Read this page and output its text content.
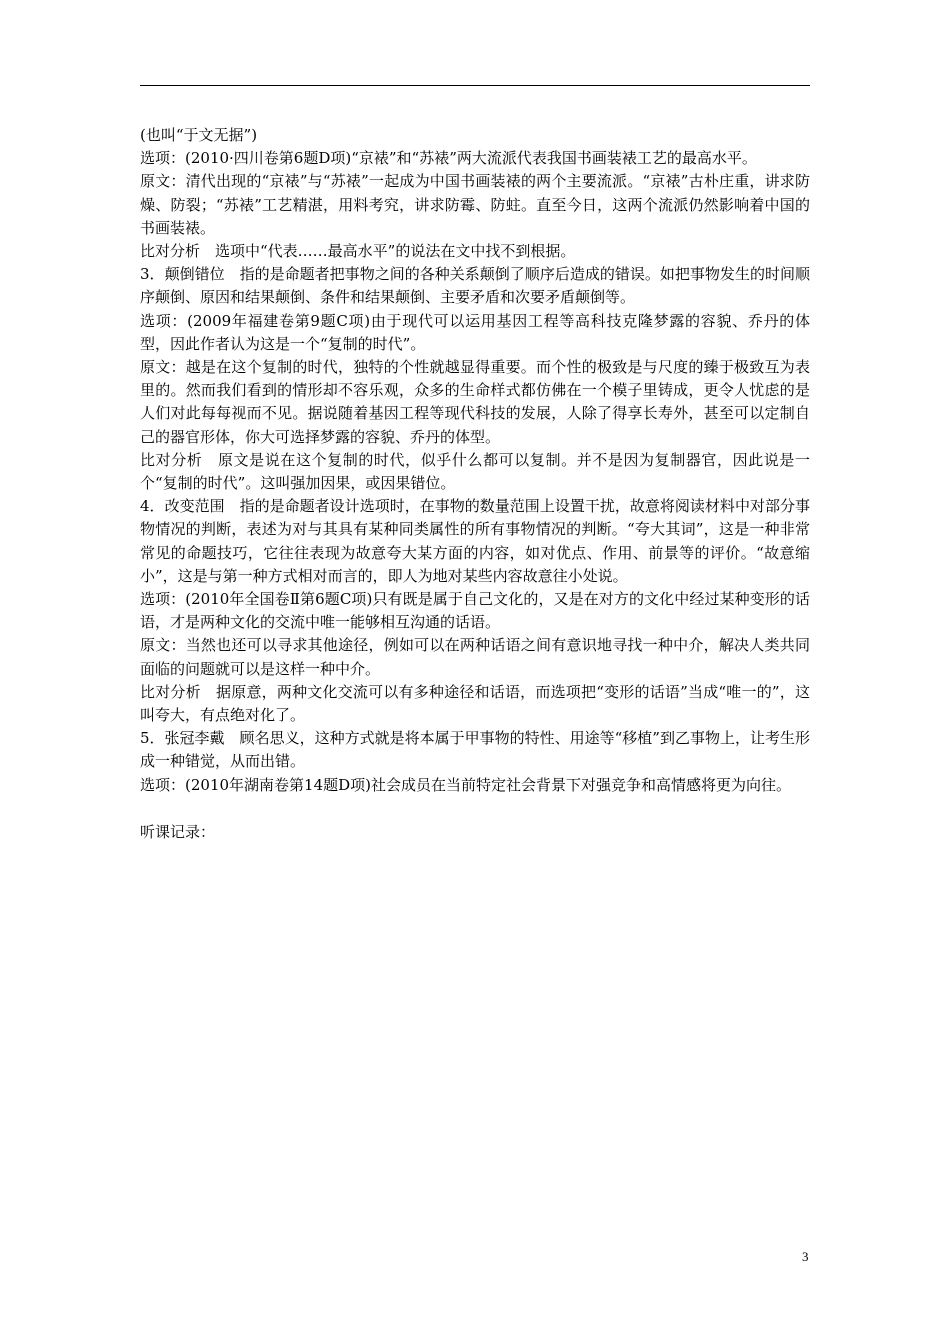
(也叫“于文无据”)

选项：(2010·四川卷第6题D项)“京裱”和“苏裱”两大流派代表我国书画装裱工艺的最高水平。

原文：清代出现的“京裱”与“苏裱”一起成为中国书画装裱的两个主要流派。“京裱”古朴庄重，讲求防燥、防裂；“苏裱”工艺精湛，用料考究，讲求防霉、防蛀。直至今日，这两个流派仍然影响着中国的书画装裱。

比对分析　选项中“代表……最高水平”的说法在文中找不到根据。

3．颠倒错位　指的是命题者把事物之间的各种关系颠倒了顺序后造成的错误。如把事物发生的时间顺序颠倒、原因和结果颠倒、条件和结果颠倒、主要矛盾和次要矛盾颠倒等。

选项：(2009年福建卷第9题C项)由于现代可以运用基因工程等高科技克隆梦露的容貌、乔丹的体型，因此作者认为这是一个“复制的时代”。

原文：越是在这个复制的时代，独特的个性就越显得重要。而个性的极致是与尺度的臻于极致互为表里的。然而我们看到的情形却不容乐观，众多的生命样式都仿佛在一个模子里铸成，更令人忧虑的是人们对此每每视而不见。据说随着基因工程等现代科技的发展，人除了得享长寿外，甚至可以定制自己的器官形体，你大可选择梦露的容貌、乔丹的体型。

比对分析　原文是说在这个复制的时代，似乎什么都可以复制。并不是因为复制器官，因此说是一个“复制的时代”。这叫强加因果，或因果错位。

4．改变范围　指的是命题者设计选项时，在事物的数量范围上设置干扰，故意将阅读材料中对部分事物情况的判断，表述为对与其具有某种同类属性的所有事物情况的判断。“夸大其词”，这是一种非常常见的命题技巧，它往往表现为故意夸大某方面的内容，如对优点、作用、前景等的评价。“故意缩小”，这是与第一种方式相对而言的，即人为地对某些内容故意往小处说。

选项：(2010年全国卷Ⅱ第6题C项)只有既是属于自己文化的，又是在对方的文化中经过某种变形的话语，才是两种文化的交流中唯一能够相互沟通的话语。

原文：当然也还可以寻求其他途径，例如可以在两种话语之间有意识地寻找一种中介，解决人类共同面临的问题就可以是这样一种中介。

比对分析　据原意，两种文化交流可以有多种途径和话语，而选项把“变形的话语”当成“唯一的”，这叫夸大，有点绝对化了。

5．张冠李戴　顾名思义，这种方式就是将本属于甲事物的特性、用途等“移植”到乙事物上，让考生形成一种错觉，从而出错。

选项：(2010年湖南卷第14题D项)社会成员在当前特定社会背景下对强竞争和高情感将更为向往。

听课记录：

3
